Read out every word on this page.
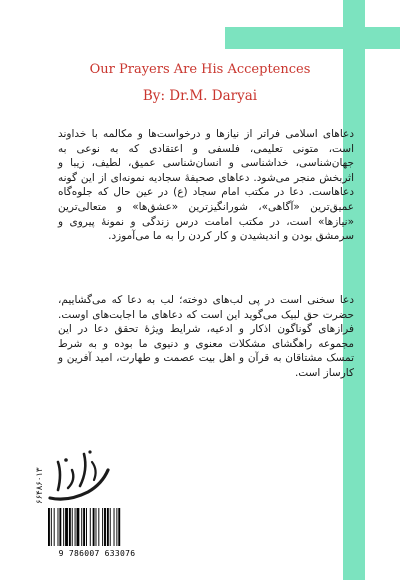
Our Prayers Are His Acceptences
By: Dr.M. Daryai
دعاهای اسلامی فراتر از نیازها و درخواست‌ها و مکالمه با خداوند است، متونی تعلیمی، فلسفی و اعتقادی که به نوعی به جهان‌شناسی، خداشناسی و انسان‌شناسی عمیق، لطیف، زیبا و اثربخش منجر می‌شود. دعاهای صحیفهٔ سجادیه نمونه‌ای از این گونه دعاهاست. دعا در مکتب امام سجاد (ع) در عین حال که جلوه‌گاه عمیق‌ترین «آگاهی»، شورانگیزترین «عشق‌ها» و متعالی‌ترین «نیازها» است، در مکتب امامت درس زندگی و نمونهٔ پیروی و سرمشق بودن و اندیشیدن و کار کردن را به ما می‌آموزد.
دعا سخنی است در پی لب‌های دوخته؛ لب به دعا که می‌گشاییم، حضرت حق لبیک می‌گوید این است که دعاهای ما اجابت‌های اوست. فرازهای گوناگون اذکار و ادعیه، شرایط ویژهٔ تحقق دعا در این مجموعه راهگشای مشکلات معنوی و دنیوی ما بوده و به شرط تمسک مشتاقان به قرآن و اهل بیت عصمت و طهارت، امید آفرین و کارساز است.
۶۶۴۸۶۰۱۳
9 786007 633076
